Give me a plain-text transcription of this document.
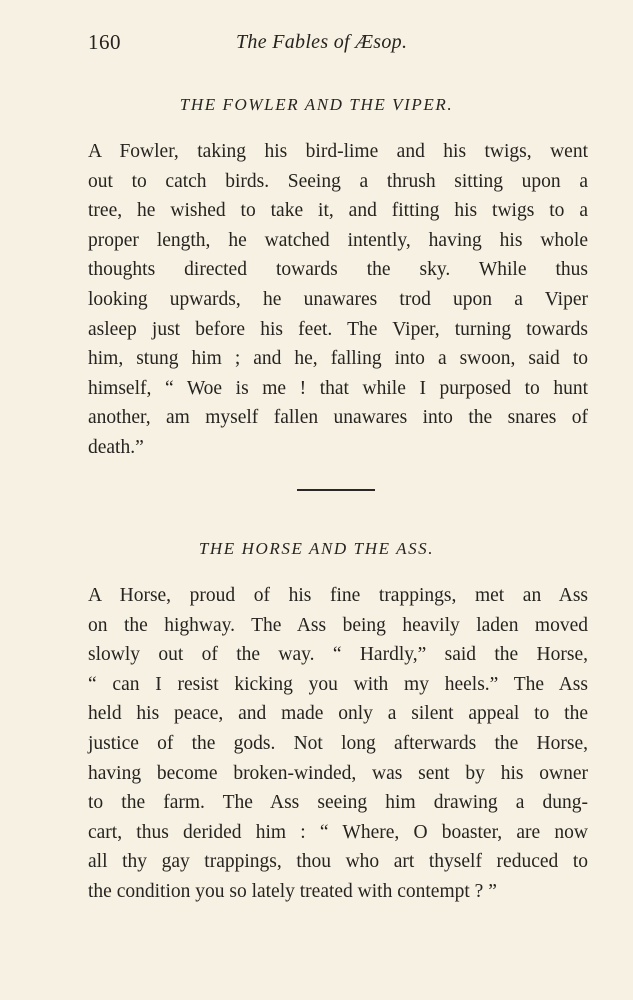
160	The Fables of Æsop.
THE FOWLER AND THE VIPER.
A Fowler, taking his bird-lime and his twigs, went
out to catch birds. Seeing a thrush sitting upon a
tree, he wished to take it, and fitting his twigs to a
proper length, he watched intently, having his whole
thoughts directed towards the sky. While thus
looking upwards, he unawares trod upon a Viper
asleep just before his feet. The Viper, turning towards
him, stung him ; and he, falling into a swoon, said to
himself, “ Woe is me ! that while I purposed to hunt
another, am myself fallen unawares into the snares of
death.”
THE HORSE AND THE ASS.
A Horse, proud of his fine trappings, met an Ass
on the highway. The Ass being heavily laden moved
slowly out of the way. “ Hardly,” said the Horse,
“ can I resist kicking you with my heels.” The Ass
held his peace, and made only a silent appeal to the
justice of the gods. Not long afterwards the Horse,
having become broken-winded, was sent by his owner
to the farm. The Ass seeing him drawing a dung-
cart, thus derided him : “ Where, O boaster, are now
all thy gay trappings, thou who art thyself reduced to
the condition you so lately treated with contempt ? ”
